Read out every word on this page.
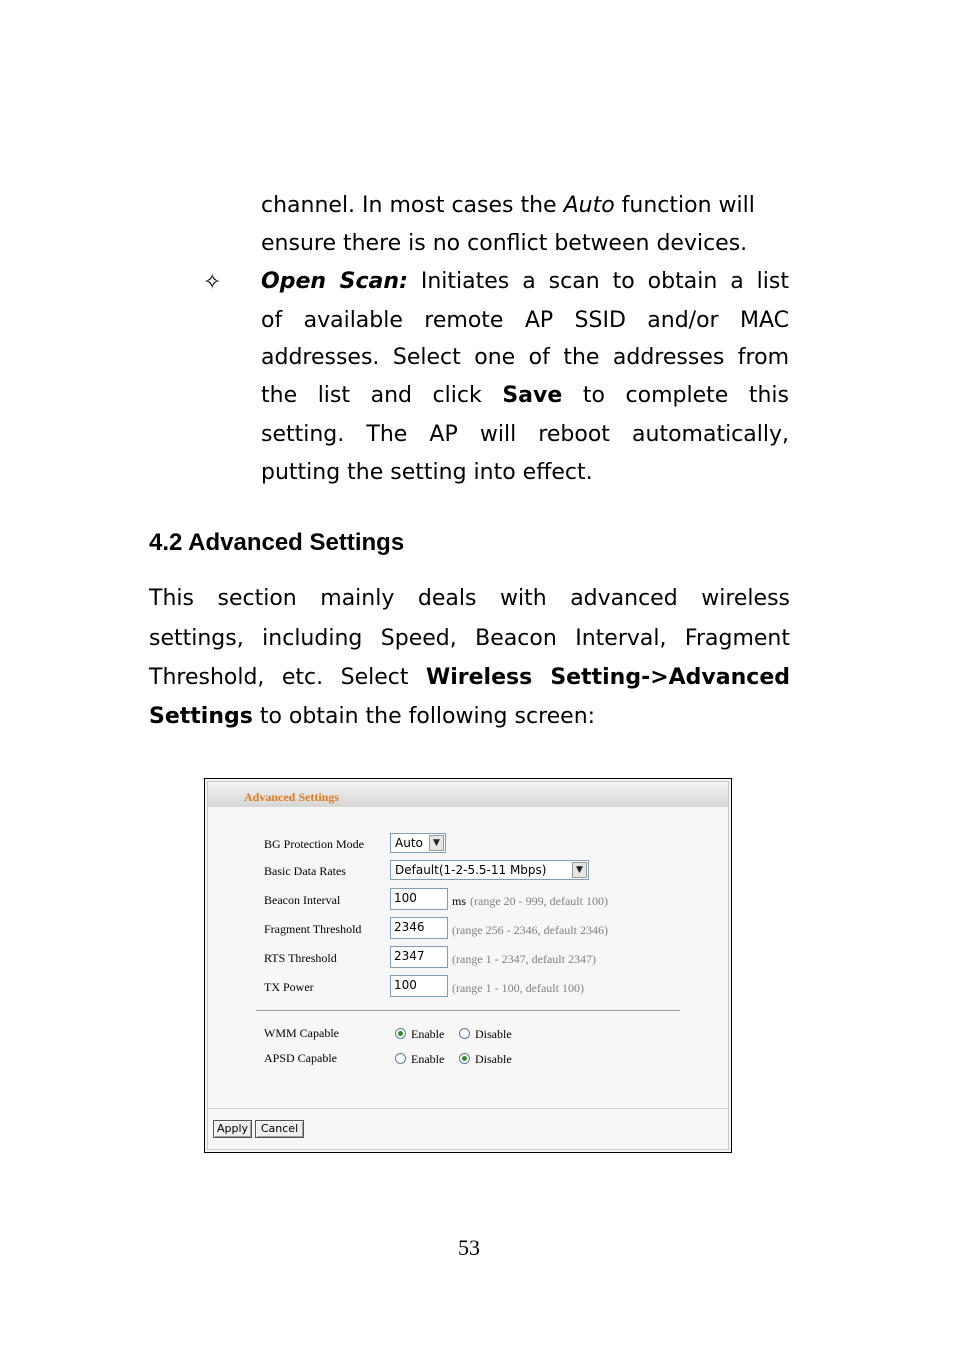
channel. In most cases the Auto function will
ensure there is no conflict between devices.
✧ Open Scan: Initiates a scan to obtain a list
of available remote AP SSID and/or MAC
addresses. Select one of the addresses from
the list and click Save to complete this
setting. The AP will reboot automatically,
putting the setting into effect.
4.2 Advanced Settings
This section mainly deals with advanced wireless
settings, including Speed, Beacon Interval, Fragment
Threshold, etc. Select Wireless Setting->Advanced
Settings to obtain the following screen:
Advanced Settings
BG Protection Mode	Auto	▼
Basic Data Rates	Default(1-2-5.5-11 Mbps)	▼
Beacon Interval	100	ms (range 20 - 999, default 100)
Fragment Threshold	2346	(range 256 - 2346, default 2346)
RTS Threshold	2347	(range 1 - 2347, default 2347)
TX Power	100	(range 1 - 100, default 100)
WMM Capable	Enable	Disable
APSD Capable	Enable	Disable
Apply	Cancel
53
